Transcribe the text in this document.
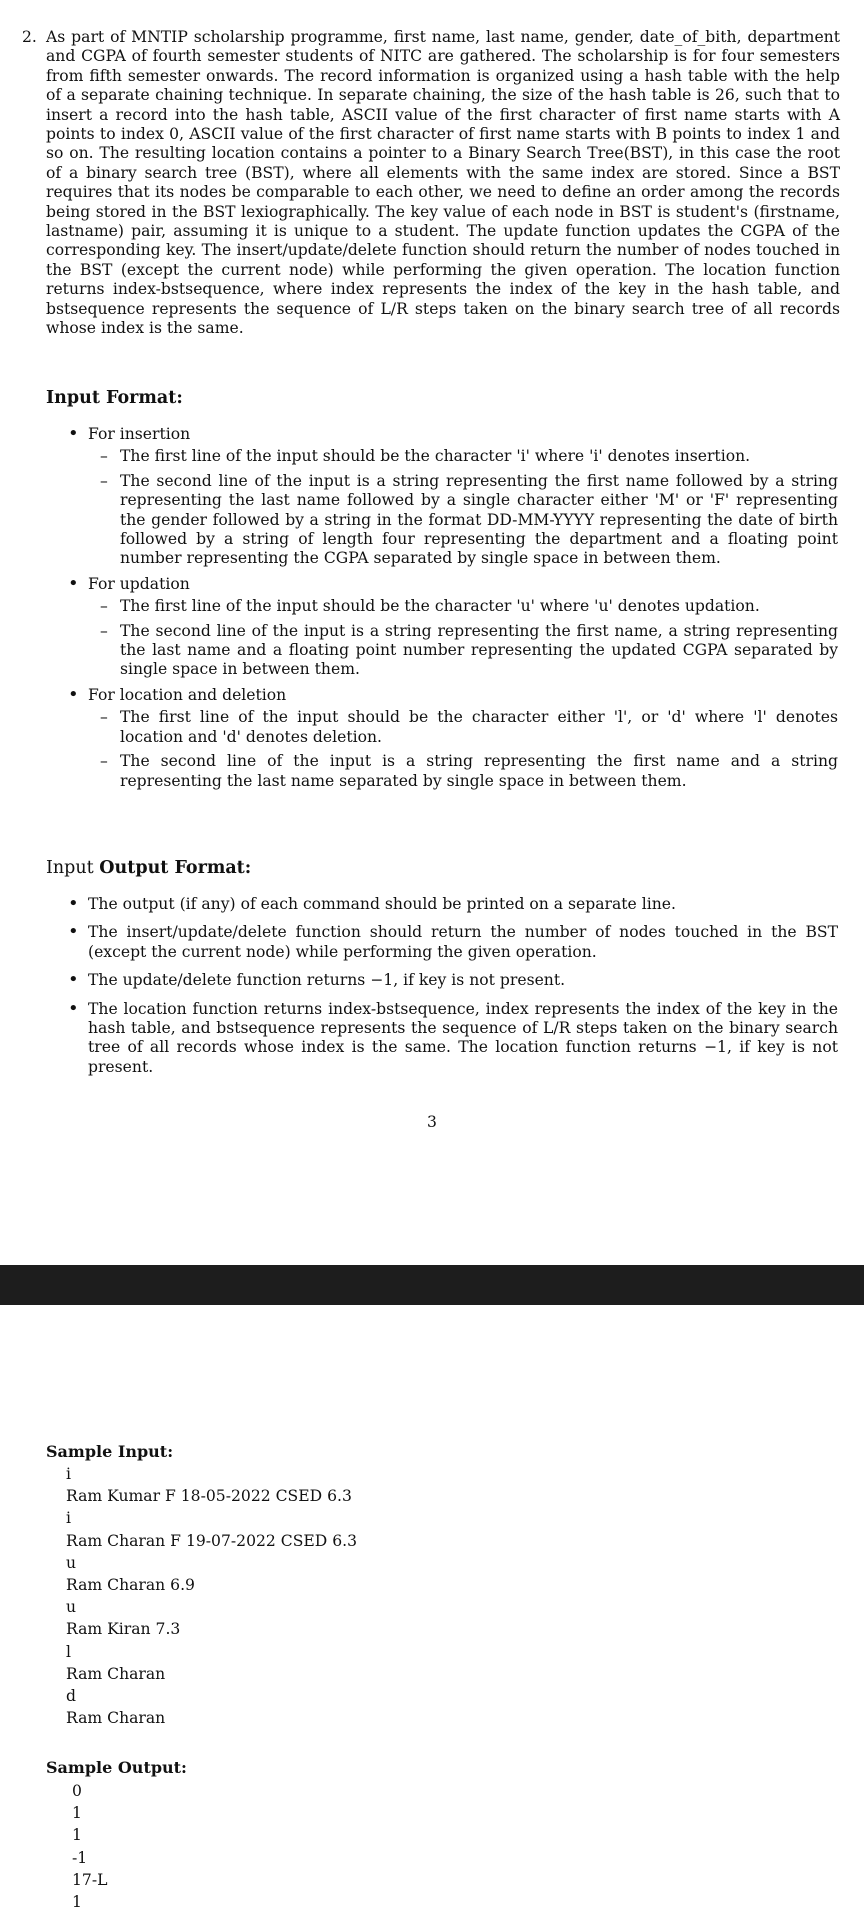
2. As part of MNTIP scholarship programme, first name, last name, gender, date_of_bith, department and CGPA of fourth semester students of NITC are gathered. The scholarship is for four semesters from fifth semester onwards. The record information is organized using a hash table with the help of a separate chaining technique. In separate chaining, the size of the hash table is 26, such that to insert a record into the hash table, ASCII value of the first character of first name starts with A points to index 0, ASCII value of the first character of first name starts with B points to index 1 and so on. The resulting location contains a pointer to a Binary Search Tree(BST), in this case the root of a binary search tree (BST), where all elements with the same index are stored. Since a BST requires that its nodes be comparable to each other, we need to define an order among the records being stored in the BST lexiographically. The key value of each node in BST is student's (firstname, lastname) pair, assuming it is unique to a student. The update function updates the CGPA of the corresponding key. The insert/update/delete function should return the number of nodes touched in the BST (except the current node) while performing the given operation. The location function returns index-bstsequence, where index represents the index of the key in the hash table, and bstsequence represents the sequence of L/R steps taken on the binary search tree of all records whose index is the same.
Input Format:
• For insertion
– The first line of the input should be the character 'i' where 'i' denotes insertion.
– The second line of the input is a string representing the first name followed by a string representing the last name followed by a single character either 'M' or 'F' representing the gender followed by a string in the format DD-MM-YYYY representing the date of birth followed by a string of length four representing the department and a floating point number representing the CGPA separated by single space in between them.
• For updation
– The first line of the input should be the character 'u' where 'u' denotes updation.
– The second line of the input is a string representing the first name, a string representing the last name and a floating point number representing the updated CGPA separated by single space in between them.
• For location and deletion
– The first line of the input should be the character either 'l', or 'd' where 'l' denotes location and 'd' denotes deletion.
– The second line of the input is a string representing the first name and a string representing the last name separated by single space in between them.
Input Output Format:
• The output (if any) of each command should be printed on a separate line.
• The insert/update/delete function should return the number of nodes touched in the BST (except the current node) while performing the given operation.
• The update/delete function returns −1, if key is not present.
• The location function returns index-bstsequence, index represents the index of the key in the hash table, and bstsequence represents the sequence of L/R steps taken on the binary search tree of all records whose index is the same. The location function returns −1, if key is not present.
3
Sample Input:
i
Ram Kumar F 18-05-2022 CSED 6.3
i
Ram Charan F 19-07-2022 CSED 6.3
u
Ram Charan 6.9
u
Ram Kiran 7.3
l
Ram Charan
d
Ram Charan
Sample Output:
0
1
1
-1
17-L
1
